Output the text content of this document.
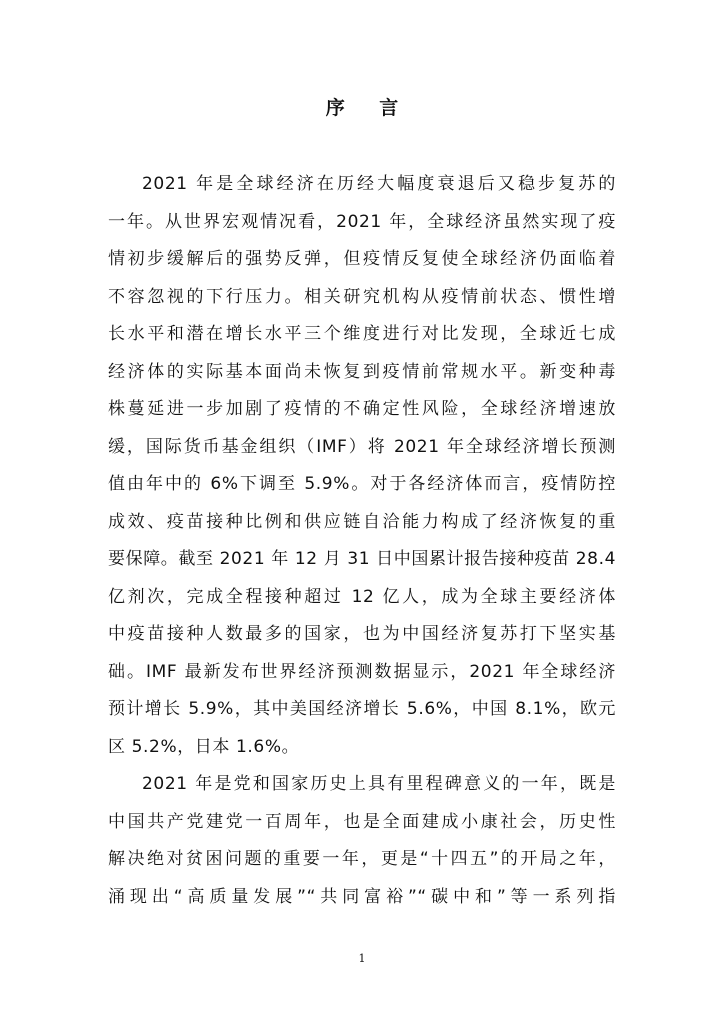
序 言
2021 年是全球经济在历经大幅度衰退后又稳步复苏的
一年。从世界宏观情况看，2021 年，全球经济虽然实现了疫
情初步缓解后的强势反弹，但疫情反复使全球经济仍面临着
不容忽视的下行压力。相关研究机构从疫情前状态、惯性增
长水平和潜在增长水平三个维度进行对比发现，全球近七成
经济体的实际基本面尚未恢复到疫情前常规水平。新变种毒
株蔓延进一步加剧了疫情的不确定性风险，全球经济增速放
缓，国际货币基金组织（IMF）将 2021 年全球经济增长预测
值由年中的 6%下调至 5.9%。对于各经济体而言，疫情防控
成效、疫苗接种比例和供应链自洽能力构成了经济恢复的重
要保障。截至 2021 年 12 月 31 日中国累计报告接种疫苗 28.4
亿剂次，完成全程接种超过 12 亿人，成为全球主要经济体
中疫苗接种人数最多的国家，也为中国经济复苏打下坚实基
础。IMF 最新发布世界经济预测数据显示，2021 年全球经济
预计增长 5.9%，其中美国经济增长 5.6%，中国 8.1%，欧元
区 5.2%，日本 1.6%。
2021 年是党和国家历史上具有里程碑意义的一年，既是
中国共产党建党一百周年，也是全面建成小康社会，历史性
解决绝对贫困问题的重要一年，更是“十四五”的开局之年，
涌现出“高质量发展”“共同富裕”“碳中和”等一系列指
1
